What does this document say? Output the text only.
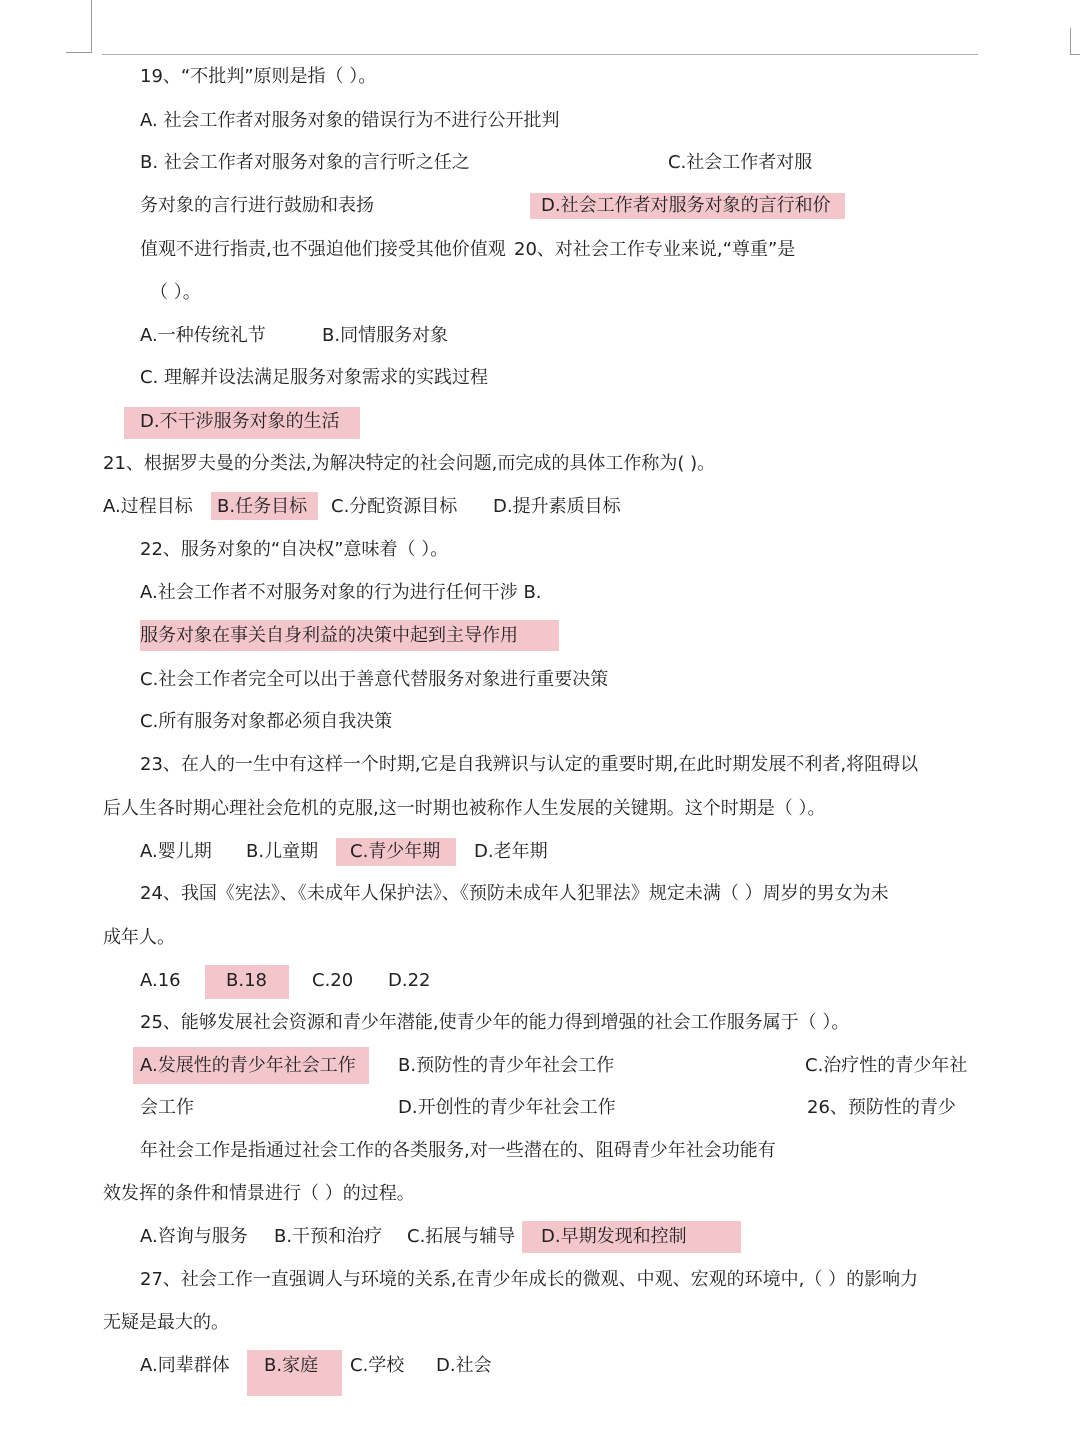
19、“不批判”原则是指（ ）。
A. 社会工作者对服务对象的错误行为不进行公开批判
B. 社会工作者对服务对象的言行听之任之	C.社会工作者对服
务对象的言行进行鼓励和表扬	D.社会工作者对服务对象的言行和价
值观不进行指责,也不强迫他们接受其他价值观 20、对社会工作专业来说,“尊重”是
（ ）。
A.一种传统礼节	B.同情服务对象
C. 理解并设法满足服务对象需求的实践过程
D.不干涉服务对象的生活
21、根据罗夫曼的分类法,为解决特定的社会问题,而完成的具体工作称为( )。
A.过程目标 B.任务目标 C.分配资源目标 D.提升素质目标
22、服务对象的“自决权”意味着（ ）。
A.社会工作者不对服务对象的行为进行任何干涉 B.
服务对象在事关自身利益的决策中起到主导作用
C.社会工作者完全可以出于善意代替服务对象进行重要决策
C.所有服务对象都必须自我决策
23、在人的一生中有这样一个时期,它是自我辨识与认定的重要时期,在此时期发展不利者,将阻碍以
后人生各时期心理社会危机的克服,这一时期也被称作人生发展的关键期。这个时期是（ ）。
A.婴儿期 B.儿童期 C.青少年期 D.老年期
24、我国《宪法》、《未成年人保护法》、《预防未成年人犯罪法》规定未满（ ）周岁的男女为未
成年人。
A.16	B.18	C.20 D.22
25、能够发展社会资源和青少年潜能,使青少年的能力得到增强的社会工作服务属于（ ）。
A.发展性的青少年社会工作 B.预防性的青少年社会工作	C.治疗性的青少年社
会工作	D.开创性的青少年社会工作	26、预防性的青少
年社会工作是指通过社会工作的各类服务,对一些潜在的、阻碍青少年社会功能有
效发挥的条件和情景进行（ ）的过程。
A.咨询与服务 B.干预和治疗 C.拓展与辅导 D.早期发现和控制
27、社会工作一直强调人与环境的关系,在青少年成长的微观、中观、宏观的环境中,（ ）的影响力
无疑是最大的。
A.同辈群体 B.家庭 C.学校 D.社会
